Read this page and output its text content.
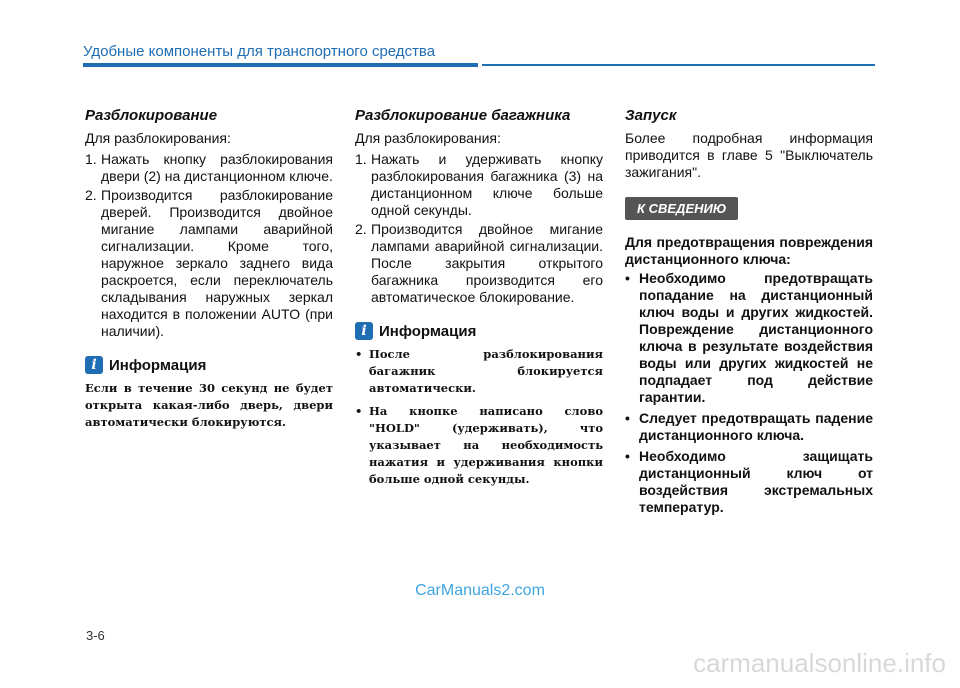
Удобные компоненты для транспортного средства
Разблокирование

Для разблокирования:

1. Нажать кнопку разблокирования двери (2) на дистанционном ключе.
2. Производится разблокирование дверей. Производится двойное мигание лампами аварийной сигнализации. Кроме того, наружное зеркало заднего вида раскроется, если переключатель складывания наружных зеркал находится в положении AUTO (при наличии).
i Информация

Если в течение 30 секунд не будет открыта какая-либо дверь, двери автоматически блокируются.

Разблокирование багажника

Для разблокирования:

1. Нажать и удерживать кнопку разблокирования багажника (3) на дистанционном ключе больше одной секунды.
2. Производится двойное мигание лампами аварийной сигнализации. После закрытия открытого багажника производится его автоматическое блокирование.
i Информация
• После разблокирования багажник блокируется автоматически.
• На кнопке написано слово "HOLD" (удерживать), что указывает на необходимость нажатия и удерживания кнопки больше одной секунды.
Запуск

Более подробная информация приводится в главе 5 "Выключатель зажигания".

К СВЕДЕНИЮ

Для предотвращения повреждения дистанционного ключа:

• Необходимо предотвращать попадание на дистанционный ключ воды и других жидкостей. Повреждение дистанционного ключа в результате воздействия воды или других жидкостей не подпадает под действие гарантии.
• Следует предотвращать падение дистанционного ключа.
• Необходимо защищать дистанционный ключ от воздействия экстремальных температур.
CarManuals2.com
3-6
carmanualsonline.info
